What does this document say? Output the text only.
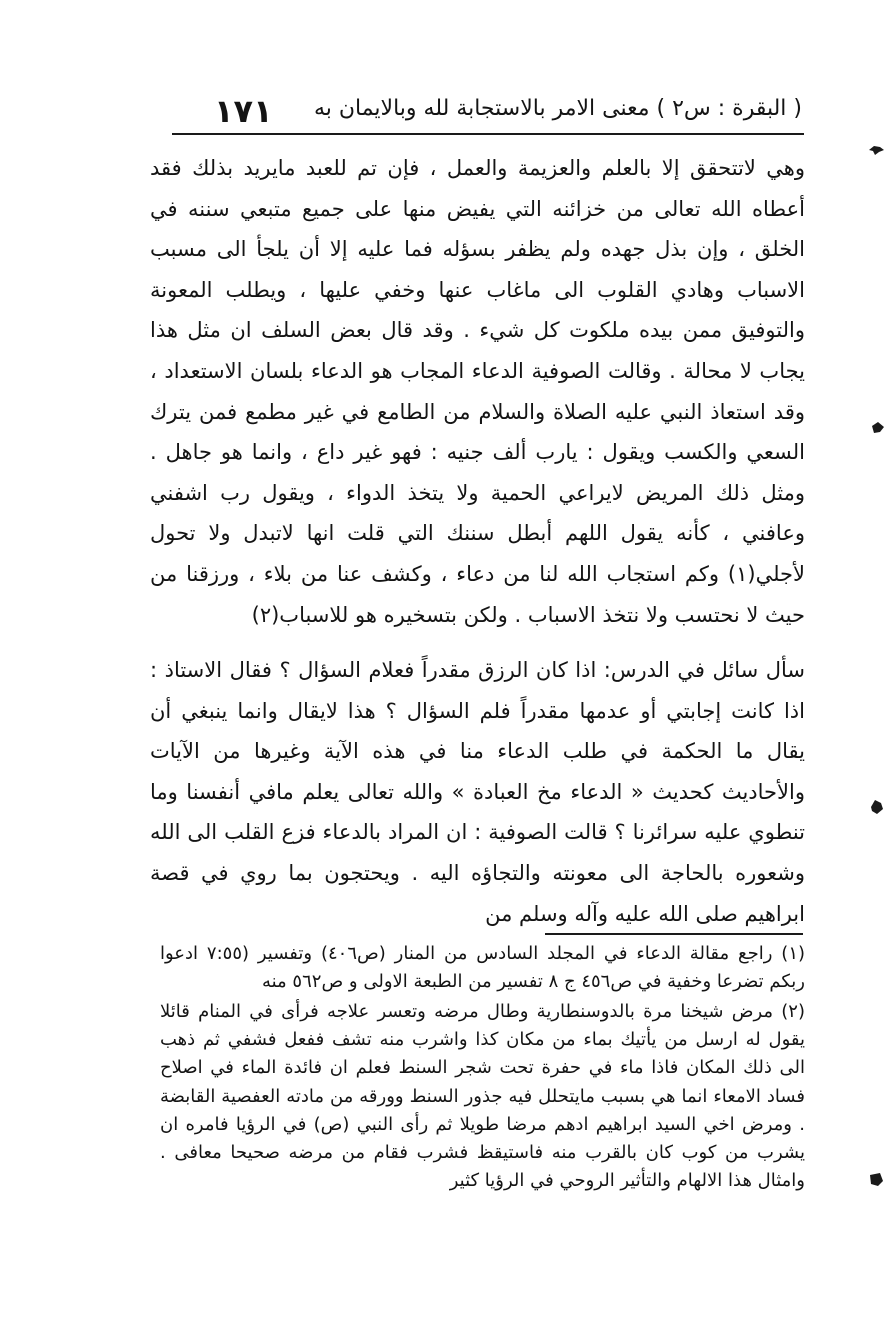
( البقرة : س٢ ) معنى الامر بالاستجابة لله وبالايمان به
١٧١

وهي لاتتحقق إلا بالعلم والعزيمة والعمل ، فإن تم للعبد مايريد بذلك فقد أعطاه الله تعالى من خزائنه التي يفيض منها على جميع متبعي سننه في الخلق ، وإن بذل جهده ولم يظفر بسؤله فما عليه إلا أن يلجأ الى مسبب الاسباب وهادي القلوب الى ماغاب عنها وخفي عليها ، ويطلب المعونة والتوفيق ممن بيده ملكوت كل شيء . وقد قال بعض السلف ان مثل هذا يجاب لا محالة . وقالت الصوفية الدعاء المجاب هو الدعاء بلسان الاستعداد ، وقد استعاذ النبي عليه الصلاة والسلام من الطامع في غير مطمع فمن يترك السعي والكسب ويقول : يارب ألف جنيه : فهو غير داع ، وانما هو جاهل . ومثل ذلك المريض لايراعي الحمية ولا يتخذ الدواء ، ويقول رب اشفني وعافني ، كأنه يقول اللهم أبطل سننك التي قلت انها لاتبدل ولا تحول لأجلي(١) وكم استجاب الله لنا من دعاء ، وكشف عنا من بلاء ، ورزقنا من حيث لا نحتسب ولا نتخذ الاسباب . ولكن بتسخيره هو للاسباب(٢)

سأل سائل في الدرس: اذا كان الرزق مقدراً فعلام السؤال ؟ فقال الاستاذ : اذا كانت إجابتي أو عدمها مقدراً فلم السؤال ؟ هذا لايقال وانما ينبغي أن يقال ما الحكمة في طلب الدعاء منا في هذه الآية وغيرها من الآيات والأحاديث كحديث « الدعاء مخ العبادة » والله تعالى يعلم مافي أنفسنا وما تنطوي عليه سرائرنا ؟ قالت الصوفية : ان المراد بالدعاء فزع القلب الى الله وشعوره بالحاجة الى معونته والتجاؤه اليه . ويحتجون بما روي في قصة ابراهيم صلى الله عليه وآله وسلم من

(١) راجع مقالة الدعاء في المجلد السادس من المنار (ص٤٠٦) وتفسير (٧:٥٥ ادعوا ربكم تضرعا وخفية في ص٤٥٦ ج ٨ تفسير من الطبعة الاولى و ص٥٦٢ منه

(٢) مرض شيخنا مرة بالدوسنطارية وطال مرضه وتعسر علاجه فرأى في المنام قائلا يقول له ارسل من يأتيك بماء من مكان كذا واشرب منه تشف ففعل فشفي ثم ذهب الى ذلك المكان فاذا ماء في حفرة تحت شجر السنط فعلم ان فائدة الماء في اصلاح فساد الامعاء انما هي بسبب مايتحلل فيه جذور السنط وورقه من مادته العفصية القابضة . ومرض اخي السيد ابراهيم ادهم مرضا طويلا ثم رأى النبي (ص) في الرؤيا فامره ان يشرب من كوب كان بالقرب منه فاستيقظ فشرب فقام من مرضه صحيحا معافى . وامثال هذا الالهام والتأثير الروحي في الرؤيا كثير
